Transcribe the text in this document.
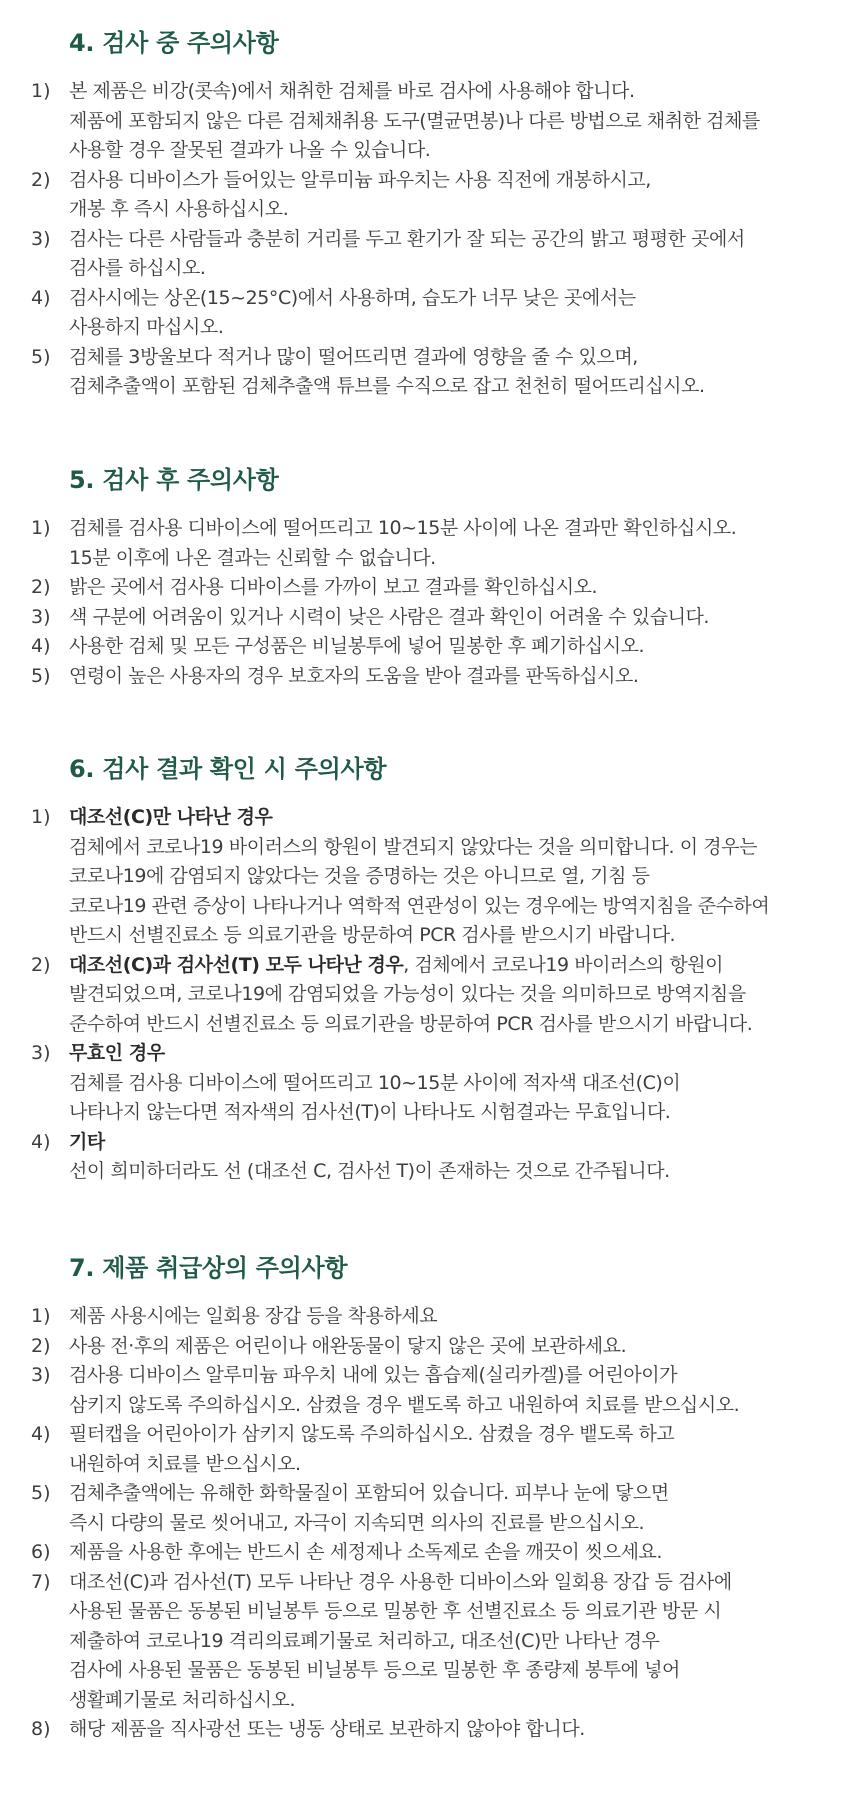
4. 검사 중 주의사항
1) 본 제품은 비강(콧속)에서 채취한 검체를 바로 검사에 사용해야 합니다.
제품에 포함되지 않은 다른 검체채취용 도구(멸균면봉)나 다른 방법으로 채취한 검체를
사용할 경우 잘못된 결과가 나올 수 있습니다.
2) 검사용 디바이스가 들어있는 알루미늄 파우치는 사용 직전에 개봉하시고,
개봉 후 즉시 사용하십시오.
3) 검사는 다른 사람들과 충분히 거리를 두고 환기가 잘 되는 공간의 밝고 평평한 곳에서
검사를 하십시오.
4) 검사시에는 상온(15~25°C)에서 사용하며, 습도가 너무 낮은 곳에서는
사용하지 마십시오.
5) 검체를 3방울보다 적거나 많이 떨어뜨리면 결과에 영향을 줄 수 있으며,
검체추출액이 포함된 검체추출액 튜브를 수직으로 잡고 천천히 떨어뜨리십시오.
5. 검사 후 주의사항
1) 검체를 검사용 디바이스에 떨어뜨리고 10~15분 사이에 나온 결과만 확인하십시오.
15분 이후에 나온 결과는 신뢰할 수 없습니다.
2) 밝은 곳에서 검사용 디바이스를 가까이 보고 결과를 확인하십시오.
3) 색 구분에 어려움이 있거나 시력이 낮은 사람은 결과 확인이 어려울 수 있습니다.
4) 사용한 검체 및 모든 구성품은 비닐봉투에 넣어 밀봉한 후 폐기하십시오.
5) 연령이 높은 사용자의 경우 보호자의 도움을 받아 결과를 판독하십시오.
6. 검사 결과 확인 시 주의사항
1) 대조선(C)만 나타난 경우
검체에서 코로나19 바이러스의 항원이 발견되지 않았다는 것을 의미합니다. 이 경우는
코로나19에 감염되지 않았다는 것을 증명하는 것은 아니므로 열, 기침 등
코로나19 관련 증상이 나타나거나 역학적 연관성이 있는 경우에는 방역지침을 준수하여
반드시 선별진료소 등 의료기관을 방문하여 PCR 검사를 받으시기 바랍니다.
2) 대조선(C)과 검사선(T) 모두 나타난 경우, 검체에서 코로나19 바이러스의 항원이
발견되었으며, 코로나19에 감염되었을 가능성이 있다는 것을 의미하므로 방역지침을
준수하여 반드시 선별진료소 등 의료기관을 방문하여 PCR 검사를 받으시기 바랍니다.
3) 무효인 경우
검체를 검사용 디바이스에 떨어뜨리고 10~15분 사이에 적자색 대조선(C)이
나타나지 않는다면 적자색의 검사선(T)이 나타나도 시험결과는 무효입니다.
4) 기타
선이 희미하더라도 선 (대조선 C, 검사선 T)이 존재하는 것으로 간주됩니다.
7. 제품 취급상의 주의사항
1) 제품 사용시에는 일회용 장갑 등을 착용하세요
2) 사용 전·후의 제품은 어린이나 애완동물이 닿지 않은 곳에 보관하세요.
3) 검사용 디바이스 알루미늄 파우치 내에 있는 흡습제(실리카겔)를 어린아이가
삼키지 않도록 주의하십시오. 삼켰을 경우 뱉도록 하고 내원하여 치료를 받으십시오.
4) 필터캡을 어린아이가 삼키지 않도록 주의하십시오. 삼켰을 경우 뱉도록 하고
내원하여 치료를 받으십시오.
5) 검체추출액에는 유해한 화학물질이 포함되어 있습니다. 피부나 눈에 닿으면
즉시 다량의 물로 씻어내고, 자극이 지속되면 의사의 진료를 받으십시오.
6) 제품을 사용한 후에는 반드시 손 세정제나 소독제로 손을 깨끗이 씻으세요.
7) 대조선(C)과 검사선(T) 모두 나타난 경우 사용한 디바이스와 일회용 장갑 등 검사에
사용된 물품은 동봉된 비닐봉투 등으로 밀봉한 후 선별진료소 등 의료기관 방문 시
제출하여 코로나19 격리의료폐기물로 처리하고, 대조선(C)만 나타난 경우
검사에 사용된 물품은 동봉된 비닐봉투 등으로 밀봉한 후 종량제 봉투에 넣어
생활폐기물로 처리하십시오.
8) 해당 제품을 직사광선 또는 냉동 상태로 보관하지 않아야 합니다.
